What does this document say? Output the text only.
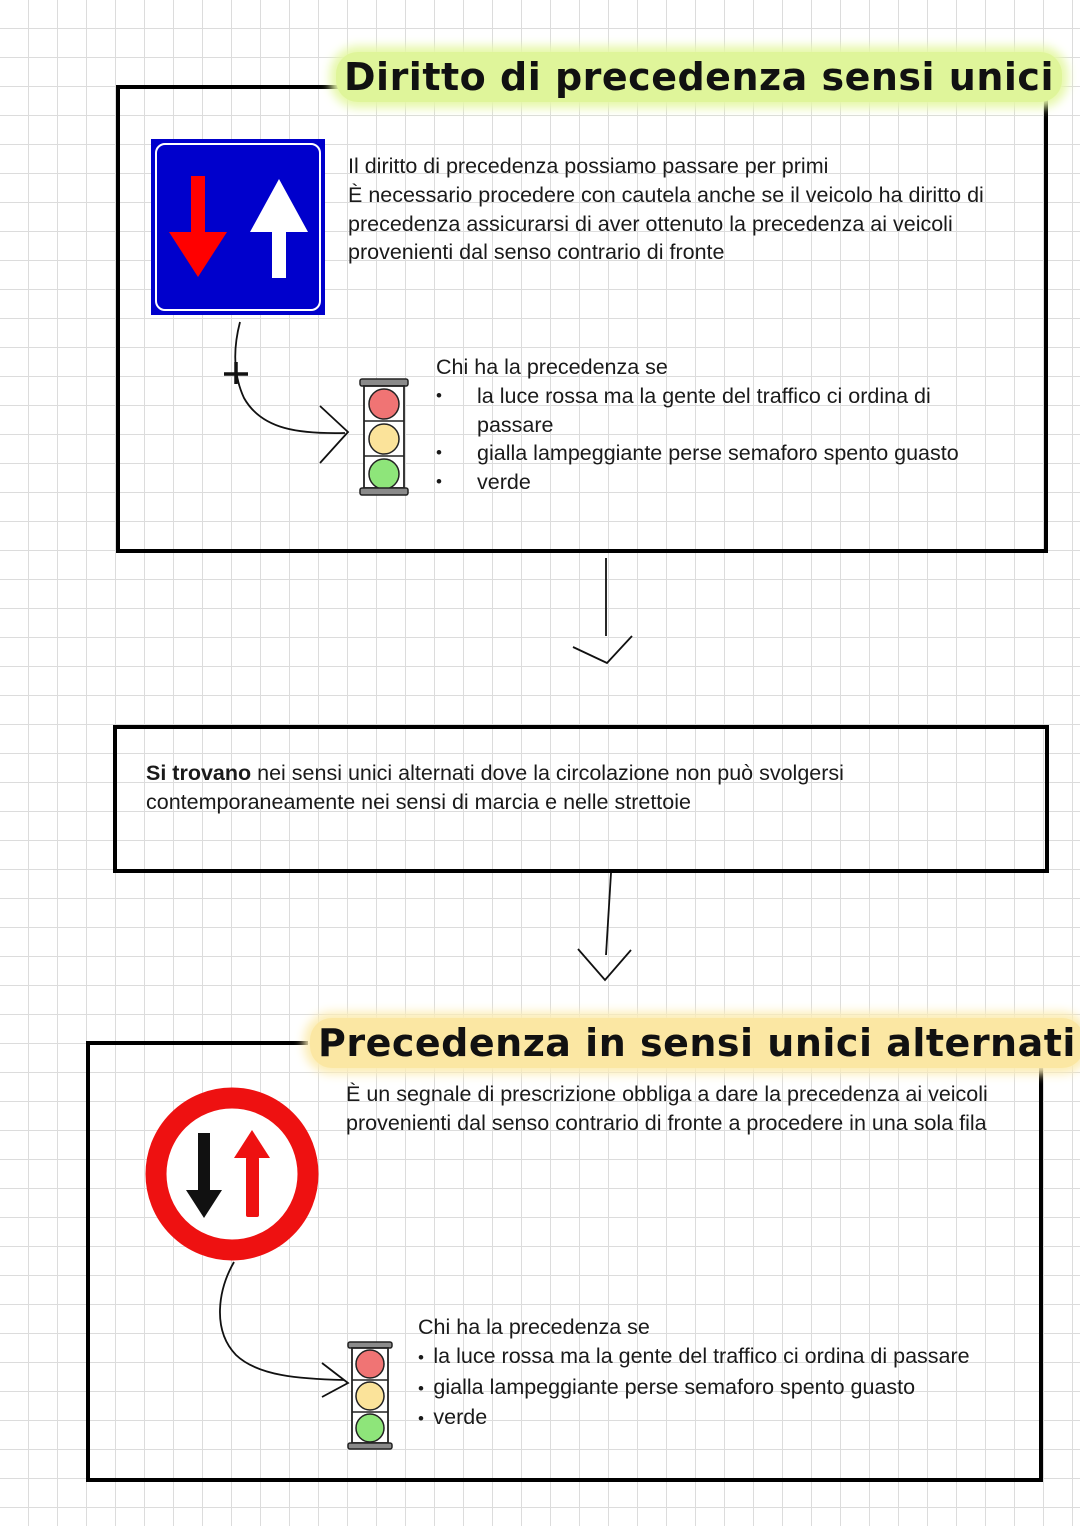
Diritto di precedenza sensi unici

Il diritto di precedenza possiamo passare per primi

È necessario procedere con cautela anche se il veicolo ha diritto di precedenza assicurarsi di aver ottenuto la precedenza ai veicoli provenienti dal senso contrario di fronte

Chi ha la precedenza se

• la luce rossa ma la gente del traffico ci ordina di passare
• gialla lampeggiante perse semaforo spento guasto
• verde
Si trovano nei sensi unici alternati dove la circolazione non può svolgersi contemporaneamente nei sensi di marcia e nelle strettoie
Precedenza in sensi unici alternati
È un segnale di prescrizione obbliga a dare la precedenza ai veicoli provenienti dal senso contrario di fronte a procedere in una sola fila

Chi ha la precedenza se

• la luce rossa ma la gente del traffico ci ordina di passare
• gialla lampeggiante perse semaforo spento guasto
• verde
